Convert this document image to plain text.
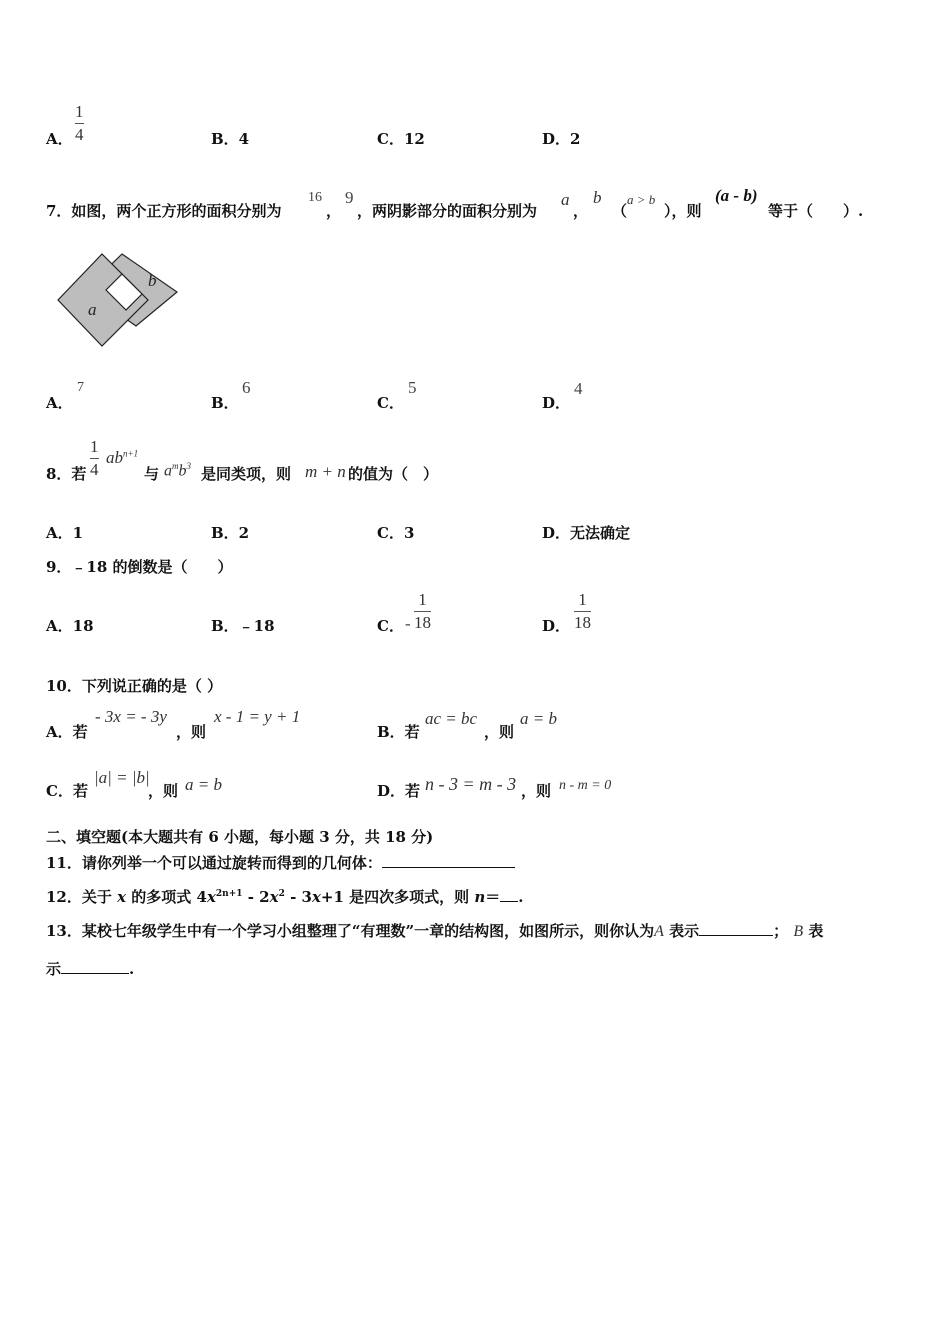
A．
1
4	B．4	C．12	D．2
7．如图，两个正方形的面积分别为
16
，
9
，两阴影部分的面积分别为
a
，
b
（
a > b
），则
(a - b)
等于（　　）.
a
b
A．
7
B．
6
C．
5
D．
4
8．若
1
4
$ab^{n+1}$
与 $a^mb^3$ 是同类项，则 m + n 的值为（　）
A．1	B．2	C．3	D．无法确定
9．﹣18 的倒数是（　　）
A．18	B．﹣18	C． -
1
18	D．
1
18
10．下列说正确的是（ ）
A．若
- 3x = - 3y
，则
x - 1 = y + 1
B．若
ac = bc
，则
a = b
C．若
|a| = |b|
，则 a = b	D．若 n - 3 = m - 3 ，则 n - m = 0
二、填空题(本大题共有 6 小题，每小题 3 分，共 18 分)
11．请你列举一个可以通过旋转而得到的几何体：
12．关于 x 的多项式 $4x^{2n+1} - 2x^2 - 3x+1$ 是四次多项式，则 n＝ .
13．某校七年级学生中有一个学习小组整理了“有理数”一章的结构图，如图所示，则你认为A 表示	； B 表
示	.
